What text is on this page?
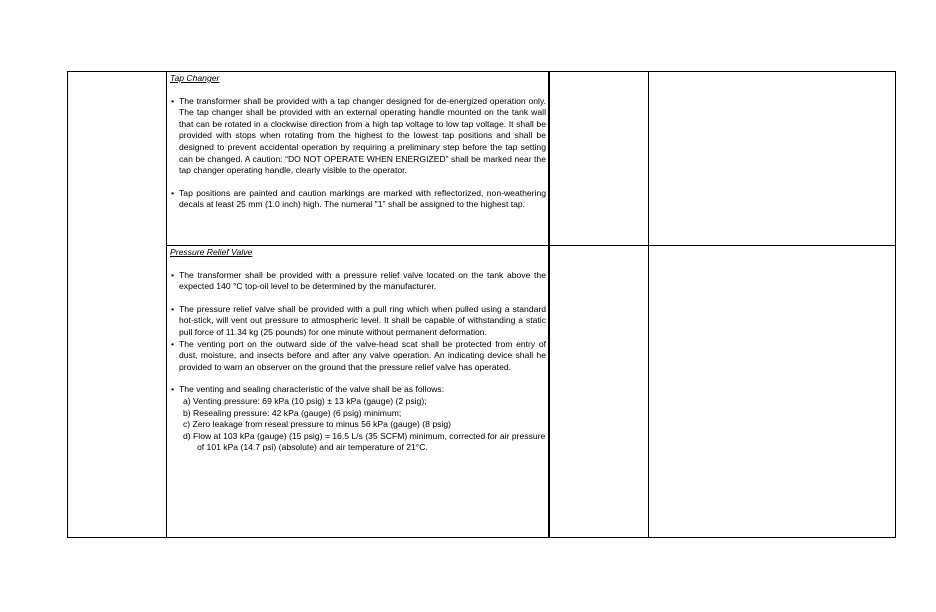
Tap Changer

• The transformer shall be provided with a tap changer designed for de-energized operation only. The tap changer shall be provided with an external operating handle mounted on the tank wall that can be rotated in a clockwise direction from a high tap voltage to low tap voltage. It shall be provided with stops when rotating from the highest to the lowest tap positions and shall be designed to prevent accidental operation by requiring a preliminary step before the tap setting can be changed. A caution: “DO NOT OPERATE WHEN ENERGIZED” shall be marked near the tap changer operating handle, clearly visible to the operator.
• Tap positions are painted and caution markings are marked with reflectorized, non-weathering decals at least 25 mm (1.0 inch) high. The numeral "1" shall be assigned to the highest tap.

Pressure Relief Valve

• The transformer shall be provided with a pressure relief valve located on the tank above the expected 140 °C top-oil level to be determined by the manufacturer.
• The pressure relief valve shall be provided with a pull ring which when pulled using a standard hot-stick, will vent out pressure to atmospheric level. It shall be capable of withstanding a static pull force of 11.34 kg (25 pounds) for one minute without permanent deformation.
• The venting port on the outward side of the valve-head scat shall be protected from entry of dust, moisture, and insects before and after any valve operation. An indicating device shall he provided to warn an observer on the ground that the pressure relief valve has operated.
• The venting and sealing characteristic of the valve shall be as follows:
a) Venting pressure: 69 kPa (10 psig) ± 13 kPa (gauge) (2 psig);
b) Resealing pressure: 42 kPa (gauge) (6 psig) minimum;
c) Zero leakage from reseal pressure to minus 56 kPa (gauge) (8 psig)
d) Flow at 103 kPa (gauge) (15 psig) = 16.5 L/s (35 SCFM) minimum, corrected for air pressure of 101 kPa (14.7 psi) (absolute) and air temperature of 21°C.
